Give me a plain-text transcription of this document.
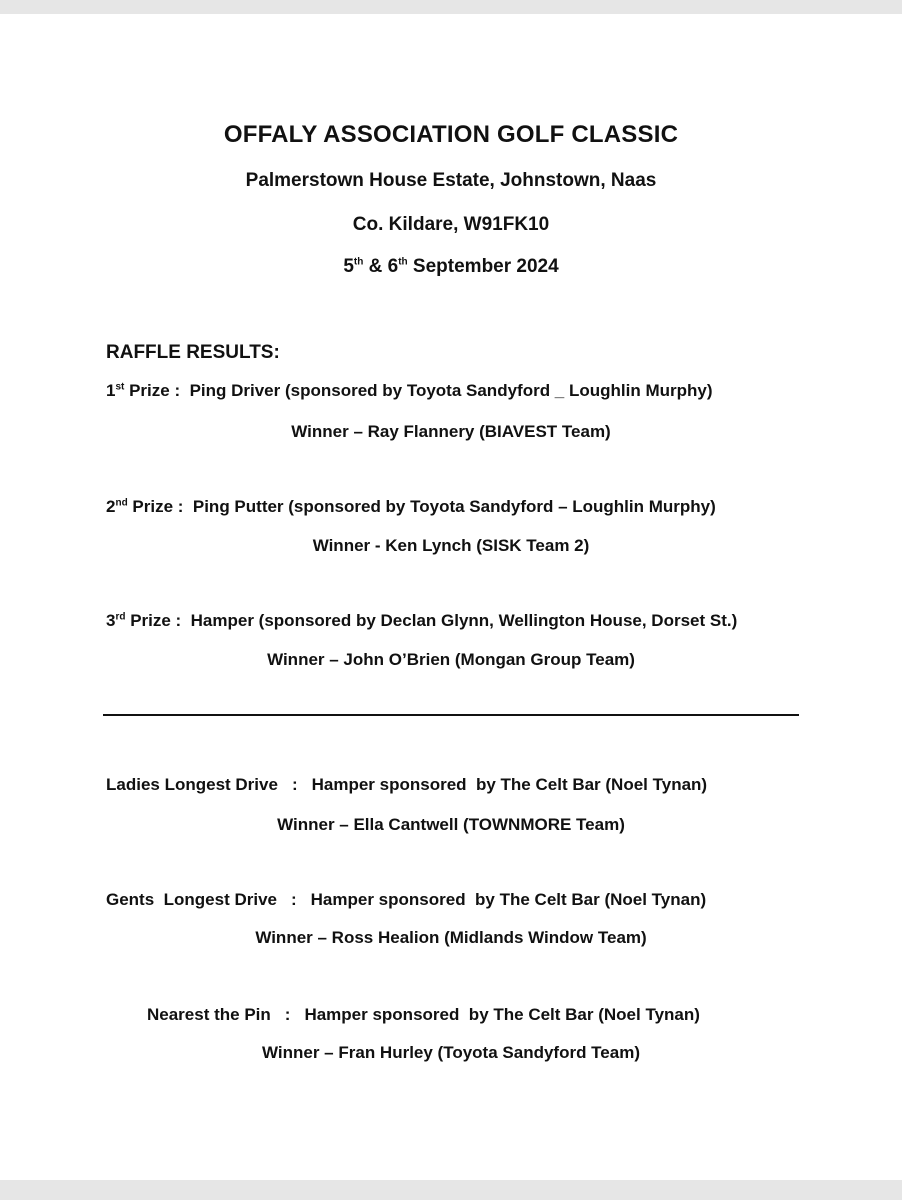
OFFALY ASSOCIATION GOLF CLASSIC
Palmerstown House Estate, Johnstown, Naas
Co. Kildare, W91FK10
5th & 6th September 2024
RAFFLE RESULTS:
1st Prize :  Ping Driver (sponsored by Toyota Sandyford _ Loughlin Murphy)
Winner – Ray Flannery (BIAVEST Team)
2nd Prize :  Ping Putter (sponsored by Toyota Sandyford – Loughlin Murphy)
Winner - Ken Lynch (SISK Team 2)
3rd Prize :  Hamper (sponsored by Declan Glynn, Wellington House, Dorset St.)
Winner – John O’Brien (Mongan Group Team)
Ladies Longest Drive : Hamper sponsored  by The Celt Bar (Noel Tynan)
Winner – Ella Cantwell (TOWNMORE Team)
Gents  Longest Drive : Hamper sponsored  by The Celt Bar (Noel Tynan)
Winner – Ross Healion (Midlands Window Team)
Nearest the Pin : Hamper sponsored  by The Celt Bar (Noel Tynan)
Winner – Fran Hurley (Toyota Sandyford Team)
